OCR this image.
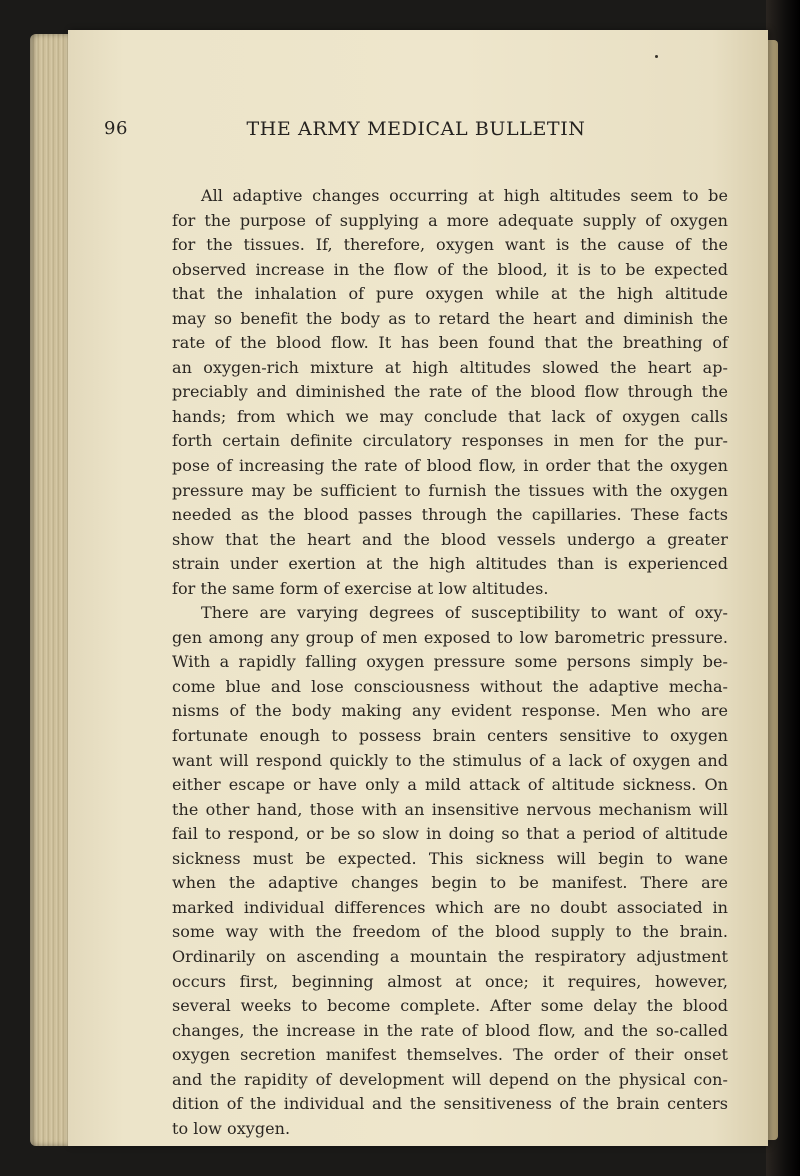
96	THE ARMY MEDICAL BULLETIN

All adaptive changes occurring at high altitudes seem to be
for the purpose of supplying a more adequate supply of oxygen
for the tissues. If, therefore, oxygen want is the cause of the
observed increase in the flow of the blood, it is to be expected
that the inhalation of pure oxygen while at the high altitude
may so benefit the body as to retard the heart and diminish the
rate of the blood flow. It has been found that the breathing of
an oxygen-rich mixture at high altitudes slowed the heart ap-
preciably and diminished the rate of the blood flow through the
hands; from which we may conclude that lack of oxygen calls
forth certain definite circulatory responses in men for the pur-
pose of increasing the rate of blood flow, in order that the oxygen
pressure may be sufficient to furnish the tissues with the oxygen
needed as the blood passes through the capillaries. These facts
show that the heart and the blood vessels undergo a greater
strain under exertion at the high altitudes than is experienced
for the same form of exercise at low altitudes.

There are varying degrees of susceptibility to want of oxy-
gen among any group of men exposed to low barometric pressure.
With a rapidly falling oxygen pressure some persons simply be-
come blue and lose consciousness without the adaptive mecha-
nisms of the body making any evident response. Men who are
fortunate enough to possess brain centers sensitive to oxygen
want will respond quickly to the stimulus of a lack of oxygen and
either escape or have only a mild attack of altitude sickness. On
the other hand, those with an insensitive nervous mechanism will
fail to respond, or be so slow in doing so that a period of altitude
sickness must be expected. This sickness will begin to wane
when the adaptive changes begin to be manifest. There are
marked individual differences which are no doubt associated in
some way with the freedom of the blood supply to the brain.
Ordinarily on ascending a mountain the respiratory adjustment
occurs first, beginning almost at once; it requires, however,
several weeks to become complete. After some delay the blood
changes, the increase in the rate of blood flow, and the so-called
oxygen secretion manifest themselves. The order of their onset
and the rapidity of development will depend on the physical con-
dition of the individual and the sensitiveness of the brain centers
to low oxygen.
